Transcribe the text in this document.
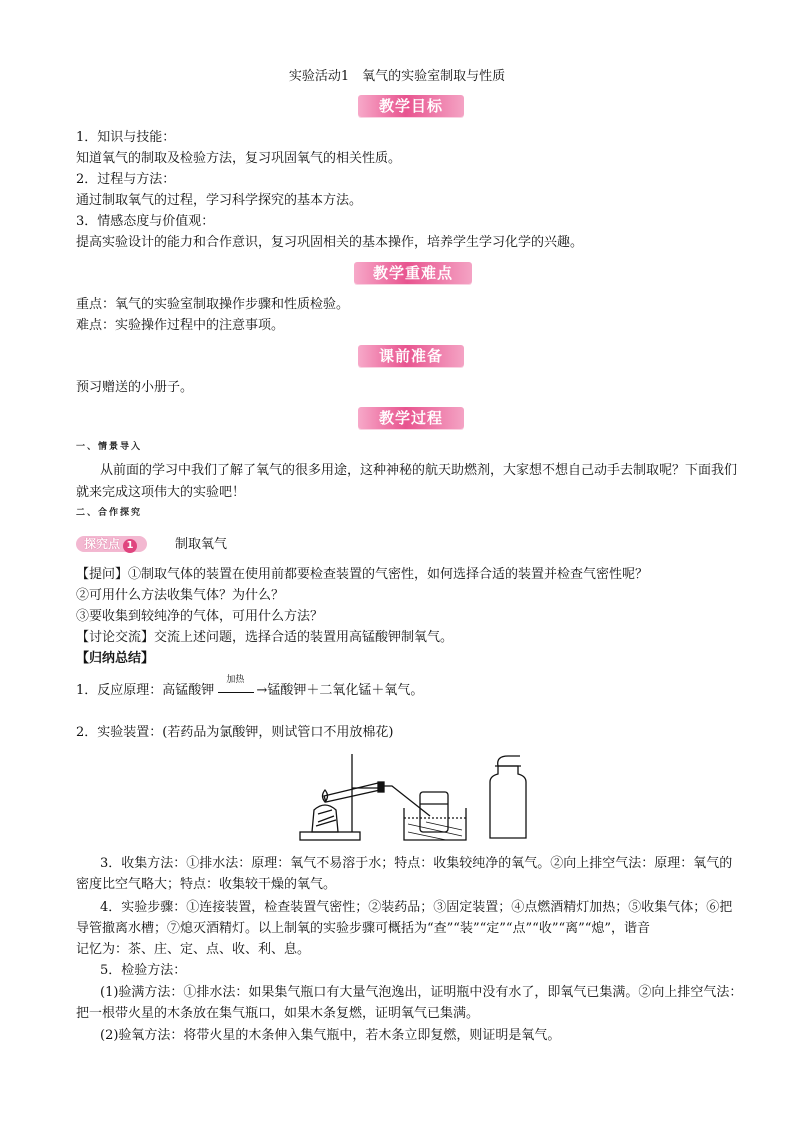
实验活动1　氧气的实验室制取与性质
教学目标
1．知识与技能：
知道氧气的制取及检验方法，复习巩固氧气的相关性质。
2．过程与方法：
通过制取氧气的过程，学习科学探究的基本方法。
3．情感态度与价值观：
提高实验设计的能力和合作意识，复习巩固相关的基本操作，培养学生学习化学的兴趣。
教学重难点
重点：氧气的实验室制取操作步骤和性质检验。
难点：实验操作过程中的注意事项。
课前准备
预习赠送的小册子。
教学过程
一、情景导入
从前面的学习中我们了解了氧气的很多用途，这种神秘的航天助燃剂，大家想不想自己动手去制取呢？下面我们
就来完成这项伟大的实验吧！
二、合作探究
探究点 1	制取氧气
【提问】①制取气体的装置在使用前都要检查装置的气密性，如何选择合适的装置并检查气密性呢？
②可用什么方法收集气体？为什么？
③要收集到较纯净的气体，可用什么方法？
【讨论交流】交流上述问题，选择合适的装置用高锰酸钾制氧气。
【归纳总结】
1．反应原理：高锰酸钾
加热
→锰酸钾＋二氧化锰＋氧气。
2．实验装置：(若药品为氯酸钾，则试管口不用放棉花)
3．收集方法：①排水法：原理：氧气不易溶于水；特点：收集较纯净的氧气。②向上排空气法：原理：氧气的
密度比空气略大；特点：收集较干燥的氧气。
4．实验步骤：①连接装置，检查装置气密性；②装药品；③固定装置；④点燃酒精灯加热；⑤收集气体；⑥把
导管撤离水槽；⑦熄灭酒精灯。以上制氧的实验步骤可概括为“查”“装”“定”“点”“收”“离”“熄”，谐音
记忆为：茶、庄、定、点、收、利、息。
5．检验方法：
(1)验满方法：①排水法：如果集气瓶口有大量气泡逸出，证明瓶中没有水了，即氧气已集满。②向上排空气法：
把一根带火星的木条放在集气瓶口，如果木条复燃，证明氧气已集满。
(2)验氧方法：将带火星的木条伸入集气瓶中，若木条立即复燃，则证明是氧气。
